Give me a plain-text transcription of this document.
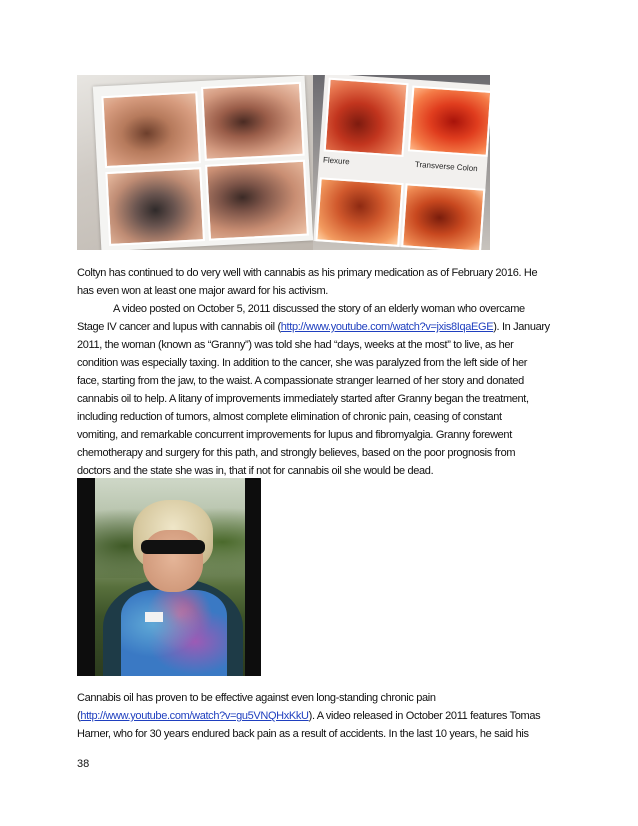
Flexure	Transverse Colon
Coltyn has continued to do very well with cannabis as his primary medication as of February 2016. He
has even won at least one major award for his activism.
A video posted on October 5, 2011 discussed the story of an elderly woman who overcame
Stage IV cancer and lupus with cannabis oil (http://www.youtube.com/watch?v=jxis8IqaEGE). In January
2011, the woman (known as “Granny”) was told she had “days, weeks at the most” to live, as her
condition was especially taxing. In addition to the cancer, she was paralyzed from the left side of her
face, starting from the jaw, to the waist. A compassionate stranger learned of her story and donated
cannabis oil to help. A litany of improvements immediately started after Granny began the treatment,
including reduction of tumors, almost complete elimination of chronic pain, ceasing of constant
vomiting, and remarkable concurrent improvements for lupus and fibromyalgia. Granny forewent
chemotherapy and surgery for this path, and strongly believes, based on the poor prognosis from
doctors and the state she was in, that if not for cannabis oil she would be dead.
Cannabis oil has proven to be effective against even long-standing chronic pain
(http://www.youtube.com/watch?v=gu5VNQHxKkU). A video released in October 2011 features Tomas
Harner, who for 30 years endured back pain as a result of accidents. In the last 10 years, he said his
38
